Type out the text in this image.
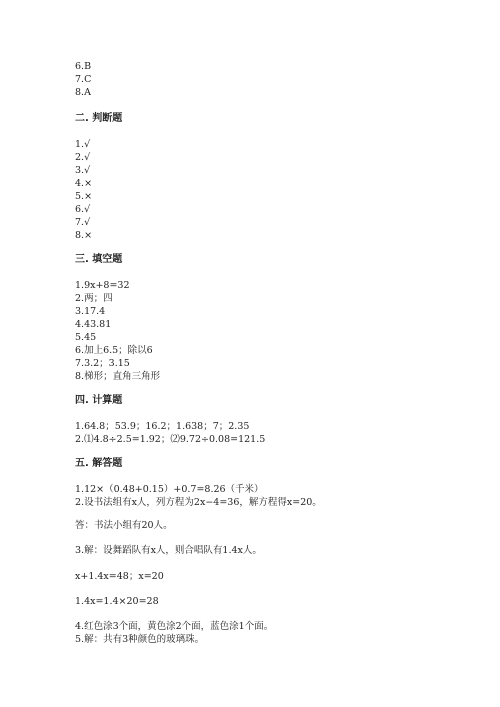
6.B
7.C
8.A
二. 判断题
1.√
2.√
3.√
4.×
5.×
6.√
7.√
8.×
三. 填空题
1.9x+8=32
2.两；四
3.17.4
4.43.81
5.45
6.加上6.5；除以6
7.3.2；3.15
8.梯形；直角三角形
四. 计算题
1.64.8；53.9；16.2；1.638；7；2.35
2.⑴4.8÷2.5=1.92；⑵9.72÷0.08=121.5
五. 解答题
1.12×（0.48+0.15）+0.7=8.26（千米）
2.设书法组有x人，列方程为2x−4=36，解方程得x=20。
答：书法小组有20人。
3.解：设舞蹈队有x人，则合唱队有1.4x人。
x+1.4x=48；x=20
1.4x=1.4×20=28
4.红色涂3个面，黄色涂2个面，蓝色涂1个面。
5.解：共有3种颜色的玻璃珠。
